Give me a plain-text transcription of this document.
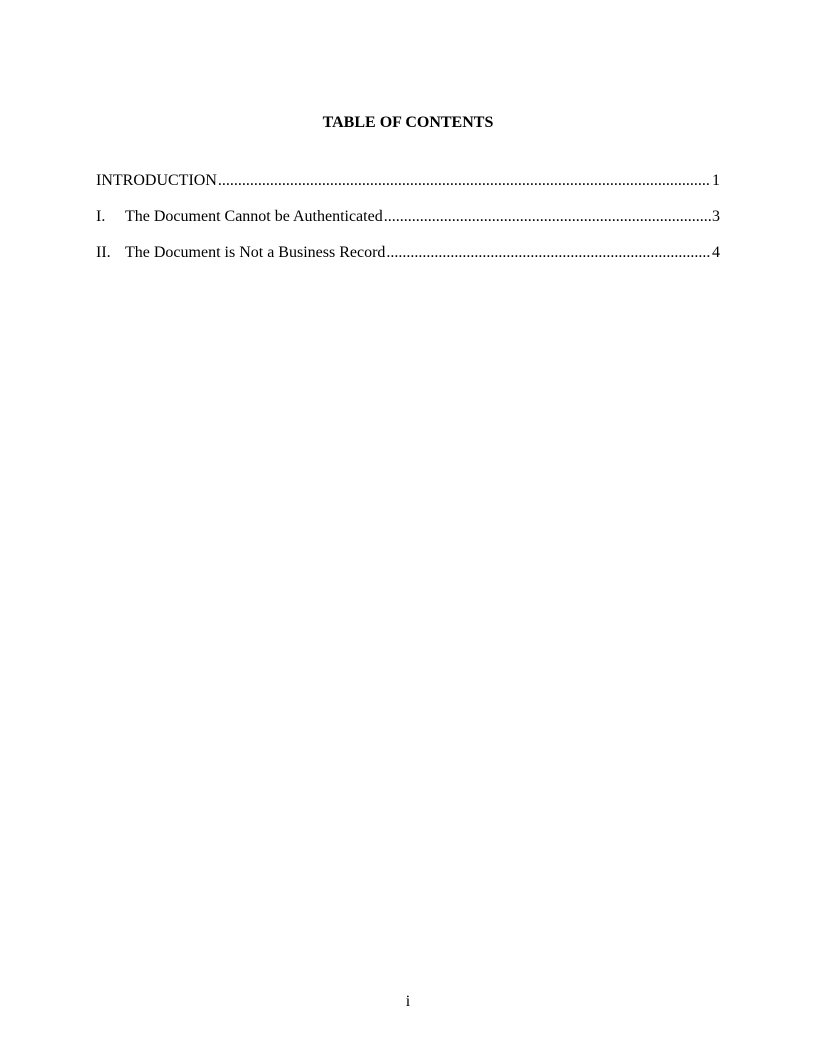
TABLE OF CONTENTS
INTRODUCTION .....	1
I.	The Document Cannot be Authenticated .....	3
II. The Document is Not a Business Record .....	4
i
